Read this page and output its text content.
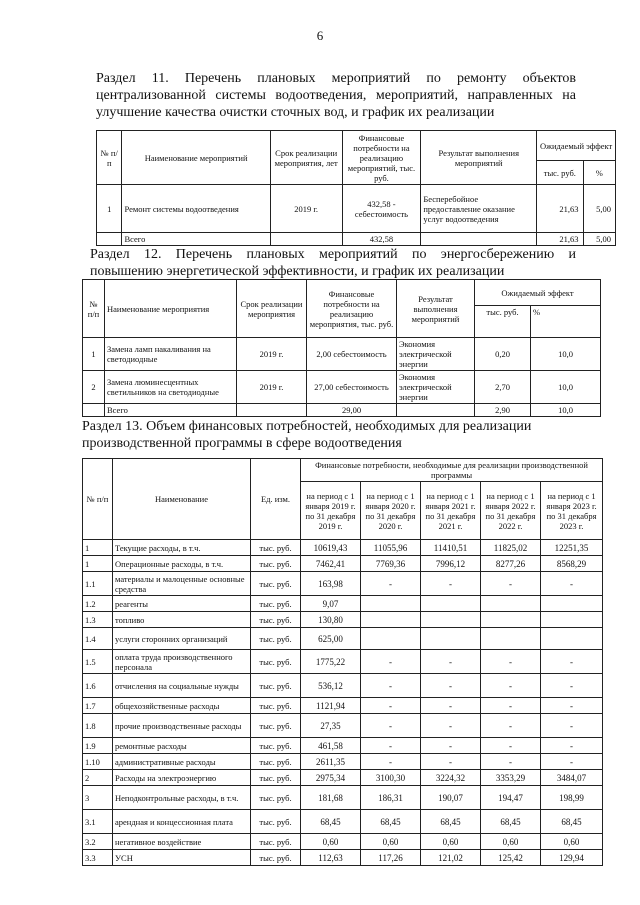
6
Раздел 11. Перечень плановых мероприятий по ремонту объектов централизованной системы водоотведения, мероприятий, направленных на улучшение качества очистки сточных вод, и график их реализации
№ п/п	Наименование мероприятий	Срок реализации мероприятия, лет	Финансовые потребности на реализацию мероприятий, тыс. руб.	Результат выполнения мероприятий	Ожидаемый эффект	
					тыс. руб.	%
1	Ремонт системы водоотведения	2019 г.	432,58 - себестоимость	Бесперебойное предоставление оказание услуг водоотведения	21,63	5,00
	Всего		432,58		21,63	5,00
Раздел 12. Перечень плановых мероприятий по энергосбережению и повышению энергетической эффективности, и график их реализации
№ п/п	Наименование мероприятия	Срок реализации мероприятия	Финансовые потребности на реализацию мероприятия, тыс. руб.	Результат выполнения мероприятий	Ожидаемый эффект	
					тыс. руб.	%
1	Замена ламп накаливания на светодиодные	2019 г.	2,00 себестоимость	Экономия электрической энергии	0,20	10,0
2	Замена люминесцентных светильников на светодиодные	2019 г.	27,00 себестоимость	Экономия электрической энергии	2,70	10,0
	Всего		29,00		2,90	10,0
Раздел 13. Объем финансовых потребностей, необходимых для реализации производственной программы в сфере водоотведения
№ п/п	Наименование	Ед. изм.	Финансовые потребности, необходимые для реализации производственной программы				
			на период с 1 января 2019 г. по 31 декабря 2019 г.	на период с 1 января 2020 г. по 31 декабря 2020 г.	на период с 1 января 2021 г. по 31 декабря 2021 г.	на период с 1 января 2022 г. по 31 декабря 2022 г.	на период с 1 января 2023 г. по 31 декабря 2023 г.
1	Текущие расходы, в т.ч.	тыс. руб.	10619,43	11055,96	11410,51	11825,02	12251,35
1	Операционные расходы, в т.ч.	тыс. руб.	7462,41	7769,36	7996,12	8277,26	8568,29
1.1	материалы и малоценные основные средства	тыс. руб.	163,98	-	-	-	-
1.2	реагенты	тыс. руб.	9,07				
1.3	топливо	тыс. руб.	130,80				
1.4	услуги сторонних организаций	тыс. руб.	625,00				
1.5	оплата труда производственного персонала	тыс. руб.	1775,22	-	-	-	-
1.6	отчисления на социальные нужды	тыс. руб.	536,12	-	-	-	-
1.7	общехозяйственные расходы	тыс. руб.	1121,94	-	-	-	-
1.8	прочие производственные расходы	тыс. руб.	27,35	-	-	-	-
1.9	ремонтные расходы	тыс. руб.	461,58	-	-	-	-
1.10	административные расходы	тыс. руб.	2611,35	-	-	-	-
2	Расходы на электроэнергию	тыс. руб.	2975,34	3100,30	3224,32	3353,29	3484,07
3	Неподконтрольные расходы, в т.ч.	тыс. руб.	181,68	186,31	190,07	194,47	198,99
3.1	арендная и концессионная плата	тыс. руб.	68,45	68,45	68,45	68,45	68,45
3.2	негативное воздействие	тыс. руб.	0,60	0,60	0,60	0,60	0,60
3.3	УСН	тыс. руб.	112,63	117,26	121,02	125,42	129,94
